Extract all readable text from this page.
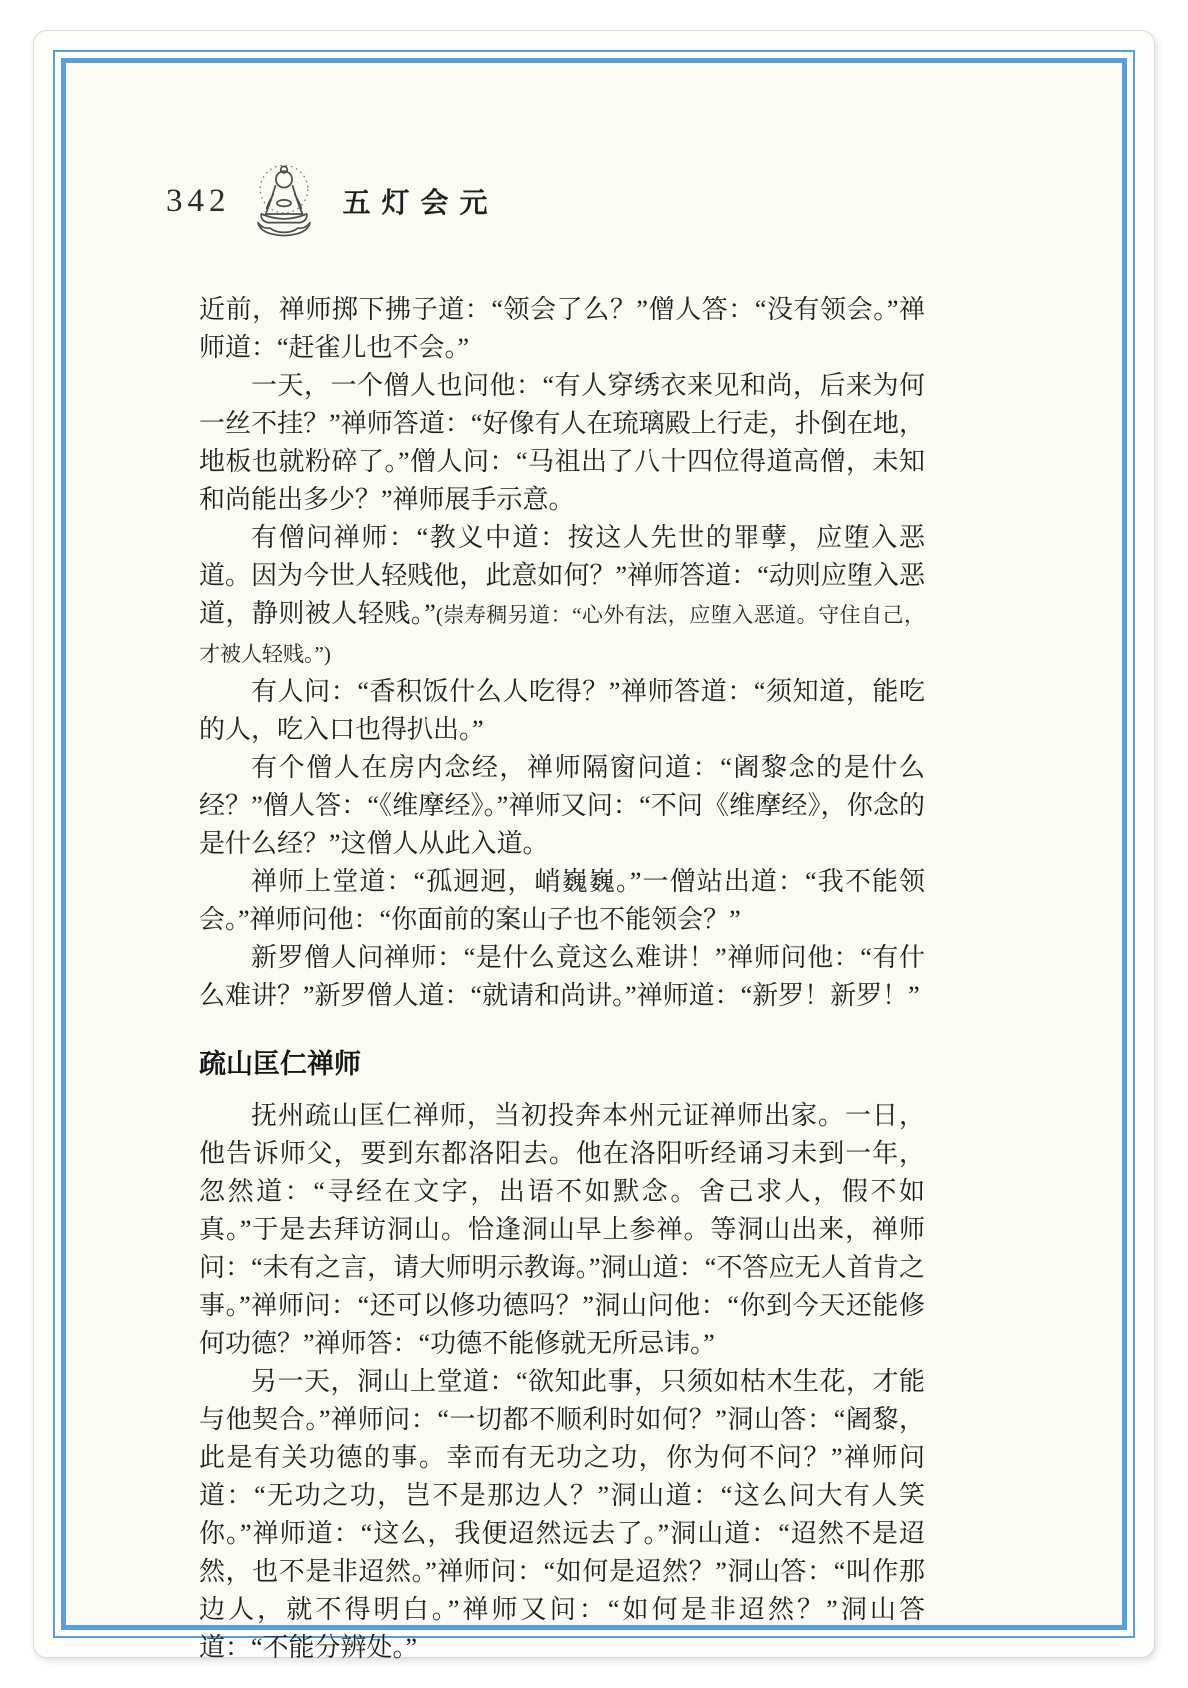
342	五灯会元

近前，禅师掷下拂子道：“领会了么？”僧人答：“没有领会。”禅师道：“赶雀儿也不会。”

一天，一个僧人也问他：“有人穿绣衣来见和尚，后来为何一丝不挂？”禅师答道：“好像有人在琉璃殿上行走，扑倒在地，地板也就粉碎了。”僧人问：“马祖出了八十四位得道高僧，未知和尚能出多少？”禅师展手示意。

有僧问禅师：“教义中道：按这人先世的罪孽，应堕入恶道。因为今世人轻贱他，此意如何？”禅师答道：“动则应堕入恶道，静则被人轻贱。”(崇寿稠另道：“心外有法，应堕入恶道。守住自己，才被人轻贱。”)

有人问：“香积饭什么人吃得？”禅师答道：“须知道，能吃的人，吃入口也得扒出。”

有个僧人在房内念经，禅师隔窗问道：“阇黎念的是什么经？”僧人答：“《维摩经》。”禅师又问：“不问《维摩经》，你念的是什么经？”这僧人从此入道。

禅师上堂道：“孤迥迥，峭巍巍。”一僧站出道：“我不能领会。”禅师问他：“你面前的案山子也不能领会？”

新罗僧人问禅师：“是什么竟这么难讲！”禅师问他：“有什么难讲？”新罗僧人道：“就请和尚讲。”禅师道：“新罗！新罗！”

疏山匡仁禅师

抚州疏山匡仁禅师，当初投奔本州元证禅师出家。一日，他告诉师父，要到东都洛阳去。他在洛阳听经诵习未到一年，忽然道：“寻经在文字，出语不如默念。舍己求人，假不如真。”于是去拜访洞山。恰逢洞山早上参禅。等洞山出来，禅师问：“未有之言，请大师明示教诲。”洞山道：“不答应无人首肯之事。”禅师问：“还可以修功德吗？”洞山问他：“你到今天还能修何功德？”禅师答：“功德不能修就无所忌讳。”

另一天，洞山上堂道：“欲知此事，只须如枯木生花，才能与他契合。”禅师问：“一切都不顺利时如何？”洞山答：“阇黎，此是有关功德的事。幸而有无功之功，你为何不问？”禅师问道：“无功之功，岂不是那边人？”洞山道：“这么问大有人笑你。”禅师道：“这么，我便迢然远去了。”洞山道：“迢然不是迢然，也不是非迢然。”禅师问：“如何是迢然？”洞山答：“叫作那边人，就不得明白。”禅师又问：“如何是非迢然？”洞山答道：“不能分辨处。”
